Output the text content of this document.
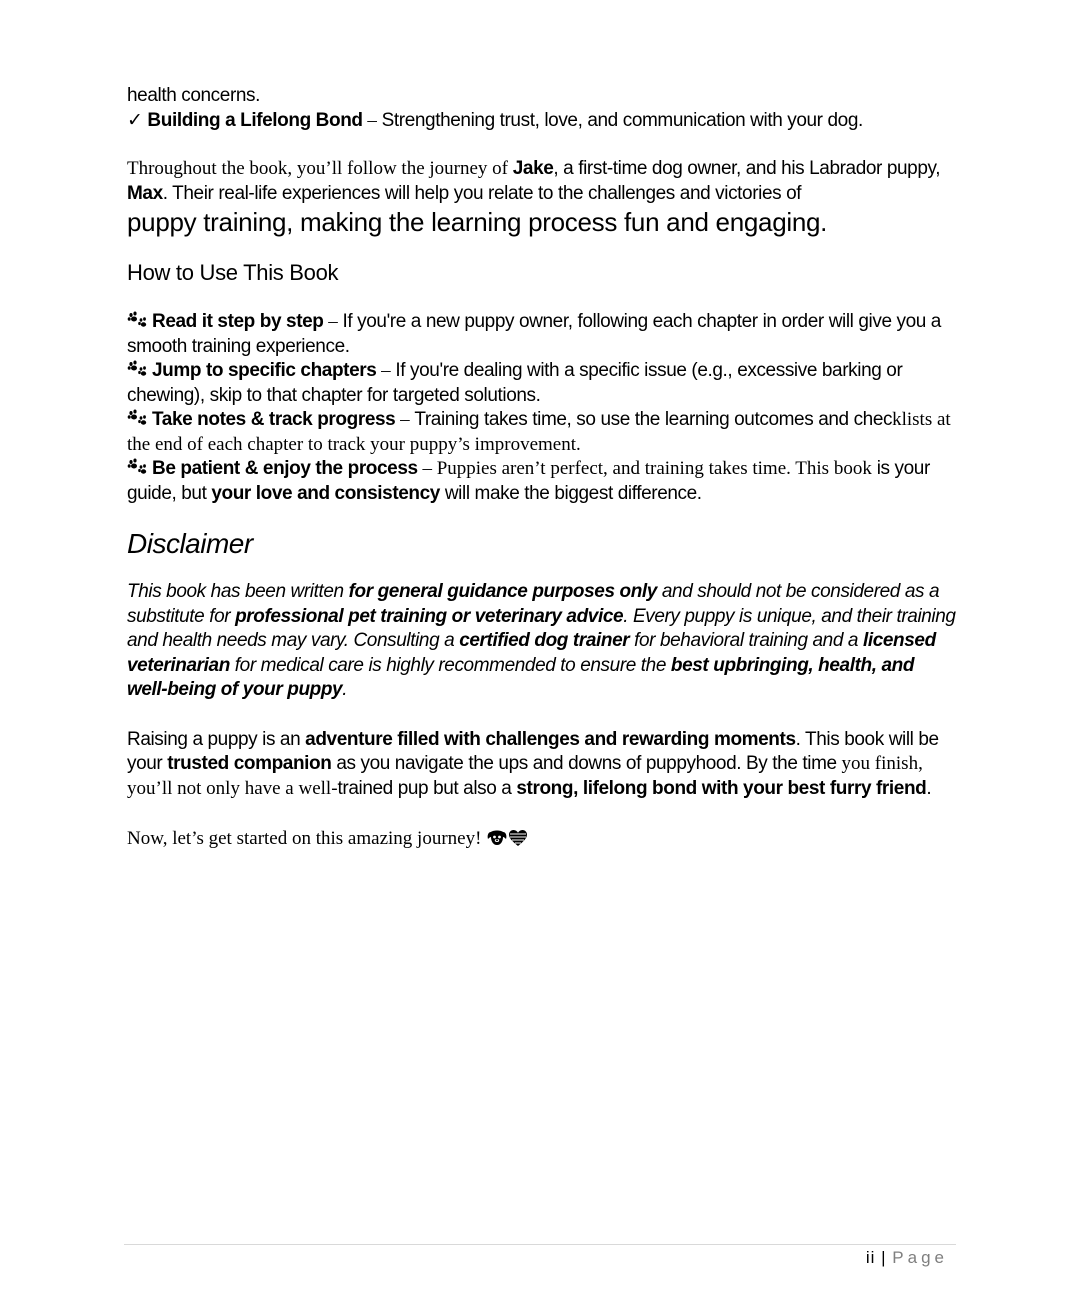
health concerns.

✓ Building a Lifelong Bond – Strengthening trust, love, and communication with your dog.

Throughout the book, you’ll follow the journey of Jake, a first-time dog owner, and his Labrador puppy, Max. Their real-life experiences will help you relate to the challenges and victories of

puppy training, making the learning process fun and engaging.

How to Use This Book

Read it step by step – If you're a new puppy owner, following each chapter in order will give you a smooth training experience.

Jump to specific chapters – If you're dealing with a specific issue (e.g., excessive barking or chewing), skip to that chapter for targeted solutions.

Take notes & track progress – Training takes time, so use the learning outcomes and checklists at the end of each chapter to track your puppy’s improvement.

Be patient & enjoy the process – Puppies aren’t perfect, and training takes time. This book is your guide, but your love and consistency will make the biggest difference.

Disclaimer

This book has been written for general guidance purposes only and should not be considered as a substitute for professional pet training or veterinary advice. Every puppy is unique, and their training and health needs may vary. Consulting a certified dog trainer for behavioral training and a licensed veterinarian for medical care is highly recommended to ensure the best upbringing, health, and well-being of your puppy.

Raising a puppy is an adventure filled with challenges and rewarding moments. This book will be your trusted companion as you navigate the ups and downs of puppyhood. By the time you finish, you’ll not only have a well-trained pup but also a strong, lifelong bond with your best furry friend.

Now, let’s get started on this amazing journey!

ii | Page
